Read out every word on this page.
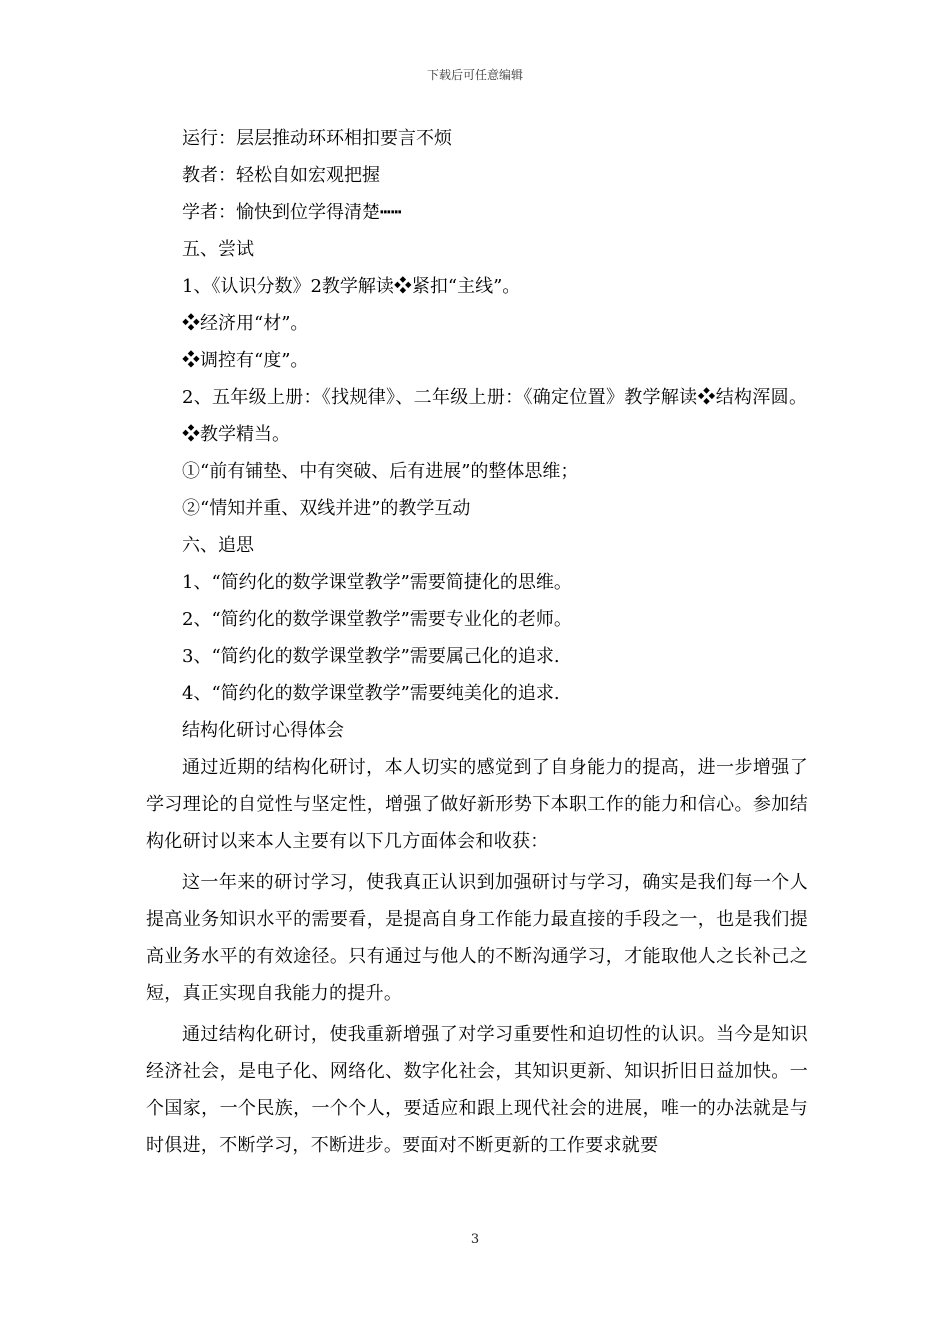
下载后可任意编辑
运行：层层推动环环相扣要言不烦
教者：轻松自如宏观把握
学者：愉快到位学得清楚┅┅
五、尝试
1、《认识分数》2教学解读❖紧扣“主线”。
❖经济用“材”。
❖调控有“度”。

2、五年级上册：《找规律》、二年级上册：《确定位置》教学解读❖结构浑圆。

❖教学精当。
①“前有铺垫、中有突破、后有进展”的整体思维；
②“情知并重、双线并进”的教学互动
六、追思
1、“简约化的数学课堂教学”需要简捷化的思维。
2、“简约化的数学课堂教学”需要专业化的老师。
3、“简约化的数学课堂教学”需要属己化的追求.
4、“简约化的数学课堂教学”需要纯美化的追求.
结构化研讨心得体会

通过近期的结构化研讨，本人切实的感觉到了自身能力的提高，进一步增强了学习理论的自觉性与坚定性，增强了做好新形势下本职工作的能力和信心。参加结构化研讨以来本人主要有以下几方面体会和收获：

这一年来的研讨学习，使我真正认识到加强研讨与学习，确实是我们每一个人提高业务知识水平的需要看，是提高自身工作能力最直接的手段之一，也是我们提高业务水平的有效途径。只有通过与他人的不断沟通学习，才能取他人之长补己之短，真正实现自我能力的提升。

通过结构化研讨，使我重新增强了对学习重要性和迫切性的认识。当今是知识经济社会，是电子化、网络化、数字化社会，其知识更新、知识折旧日益加快。一个国家，一个民族，一个个人，要适应和跟上现代社会的进展，唯一的办法就是与时俱进，不断学习，不断进步。要面对不断更新的工作要求就要

3
